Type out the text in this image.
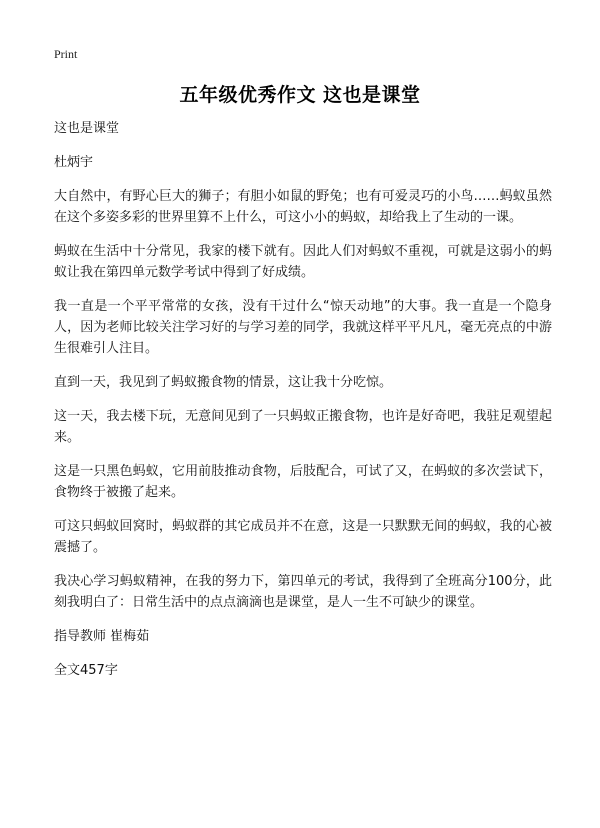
Print
五年级优秀作文 这也是课堂

这也是课堂

杜炳宇

大自然中，有野心巨大的狮子；有胆小如鼠的野兔；也有可爱灵巧的小鸟……蚂蚁虽然在这个多姿多彩的世界里算不上什么，可这小小的蚂蚁，却给我上了生动的一课。

蚂蚁在生活中十分常见，我家的楼下就有。因此人们对蚂蚁不重视，可就是这弱小的蚂蚁让我在第四单元数学考试中得到了好成绩。

我一直是一个平平常常的女孩，没有干过什么“惊天动地”的大事。我一直是一个隐身人，因为老师比较关注学习好的与学习差的同学，我就这样平平凡凡，毫无亮点的中游生很难引人注目。

直到一天，我见到了蚂蚁搬食物的情景，这让我十分吃惊。

这一天，我去楼下玩，无意间见到了一只蚂蚁正搬食物，也许是好奇吧，我驻足观望起来。

这是一只黑色蚂蚁，它用前肢推动食物，后肢配合，可试了又，在蚂蚁的多次尝试下，食物终于被搬了起来。

可这只蚂蚁回窝时，蚂蚁群的其它成员并不在意，这是一只默默无间的蚂蚁，我的心被震撼了。

我决心学习蚂蚁精神，在我的努力下，第四单元的考试，我得到了全班高分100分，此刻我明白了：日常生活中的点点滴滴也是课堂，是人一生不可缺少的课堂。

指导教师 崔梅茹

全文457字
